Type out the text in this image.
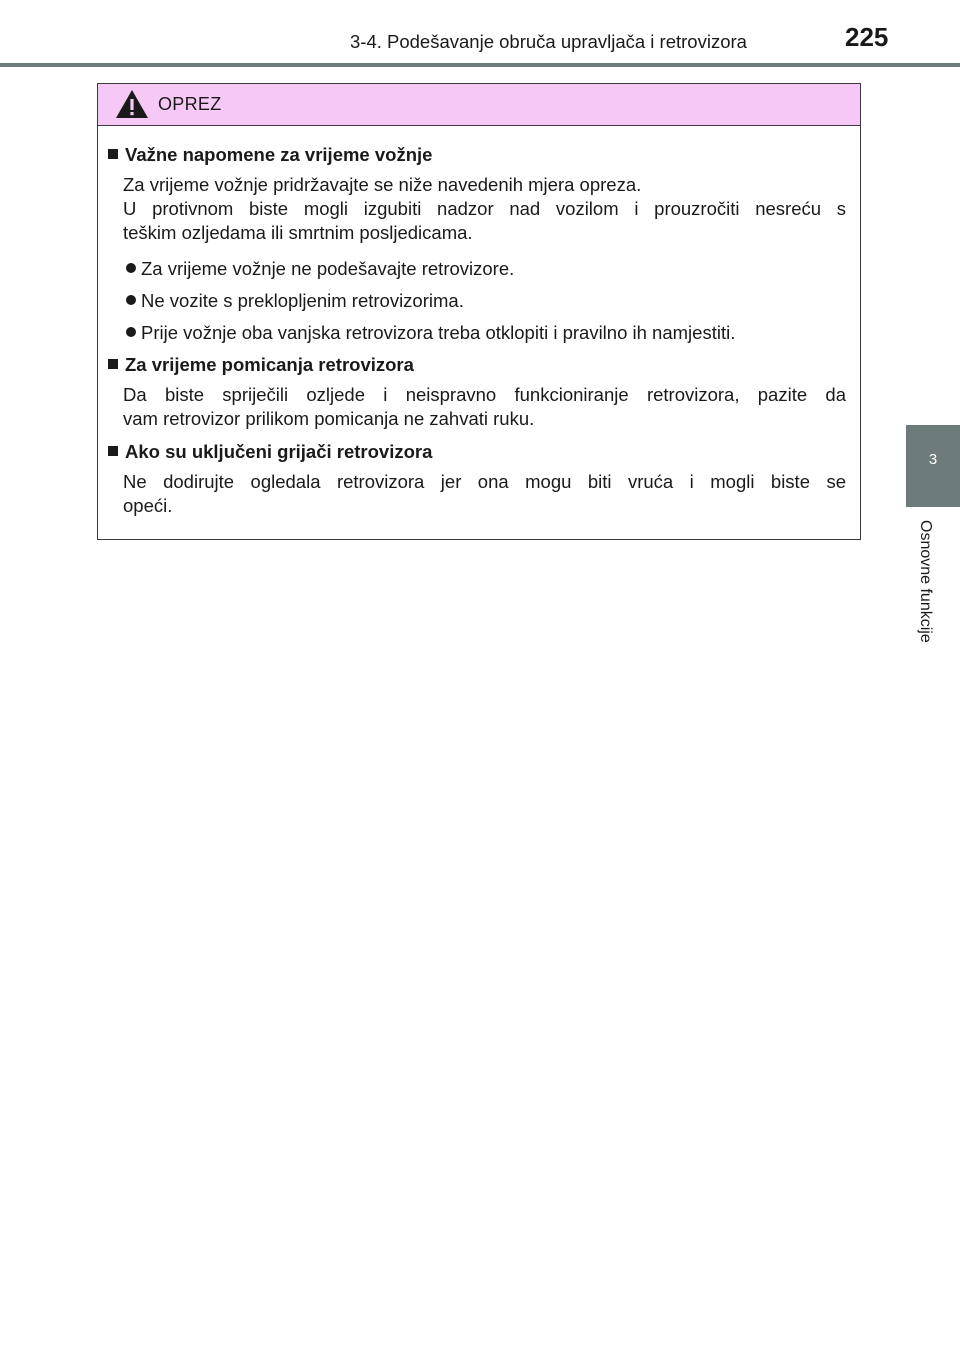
3-4. Podešavanje obruča upravljača i retrovizora	225
3
Osnovne funkcije
OPREZ
Važne napomene za vrijeme vožnje
Za vrijeme vožnje pridržavajte se niže navedenih mjera opreza.
U protivnom biste mogli izgubiti nadzor nad vozilom i prouzročiti nesreću s
teškim ozljedama ili smrtnim posljedicama.
Za vrijeme vožnje ne podešavajte retrovizore.
Ne vozite s preklopljenim retrovizorima.
Prije vožnje oba vanjska retrovizora treba otklopiti i pravilno ih namjestiti.
Za vrijeme pomicanja retrovizora
Da biste spriječili ozljede i neispravno funkcioniranje retrovizora, pazite da
vam retrovizor prilikom pomicanja ne zahvati ruku.
Ako su uključeni grijači retrovizora
Ne dodirujte ogledala retrovizora jer ona mogu biti vruća i mogli biste se
opeći.
